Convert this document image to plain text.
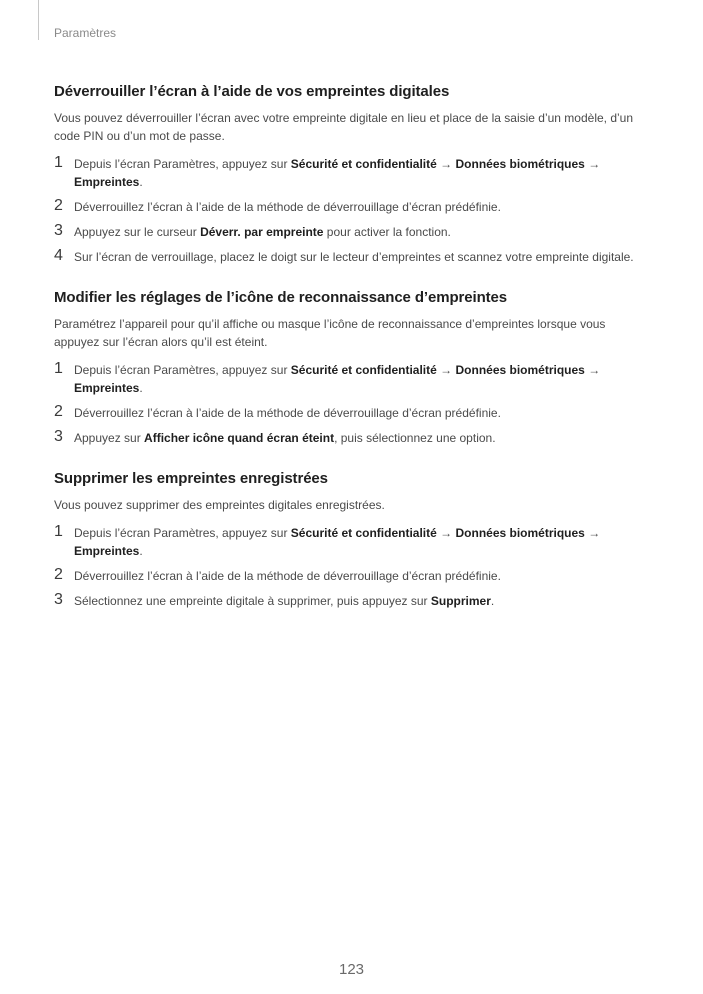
Paramètres
Déverrouiller l’écran à l’aide de vos empreintes digitales
Vous pouvez déverrouiller l’écran avec votre empreinte digitale en lieu et place de la saisie d’un modèle, d’un code PIN ou d’un mot de passe.
1 Depuis l’écran Paramètres, appuyez sur Sécurité et confidentialité → Données biométriques → Empreintes.
2 Déverrouillez l’écran à l’aide de la méthode de déverrouillage d’écran prédéfinie.
3 Appuyez sur le curseur Déverr. par empreinte pour activer la fonction.
4 Sur l’écran de verrouillage, placez le doigt sur le lecteur d’empreintes et scannez votre empreinte digitale.
Modifier les réglages de l’icône de reconnaissance d’empreintes
Paramétrez l’appareil pour qu’il affiche ou masque l’icône de reconnaissance d’empreintes lorsque vous appuyez sur l’écran alors qu’il est éteint.
1 Depuis l’écran Paramètres, appuyez sur Sécurité et confidentialité → Données biométriques → Empreintes.
2 Déverrouillez l’écran à l’aide de la méthode de déverrouillage d’écran prédéfinie.
3 Appuyez sur Afficher icône quand écran éteint, puis sélectionnez une option.
Supprimer les empreintes enregistrées
Vous pouvez supprimer des empreintes digitales enregistrées.
1 Depuis l’écran Paramètres, appuyez sur Sécurité et confidentialité → Données biométriques → Empreintes.
2 Déverrouillez l’écran à l’aide de la méthode de déverrouillage d’écran prédéfinie.
3 Sélectionnez une empreinte digitale à supprimer, puis appuyez sur Supprimer.
123
